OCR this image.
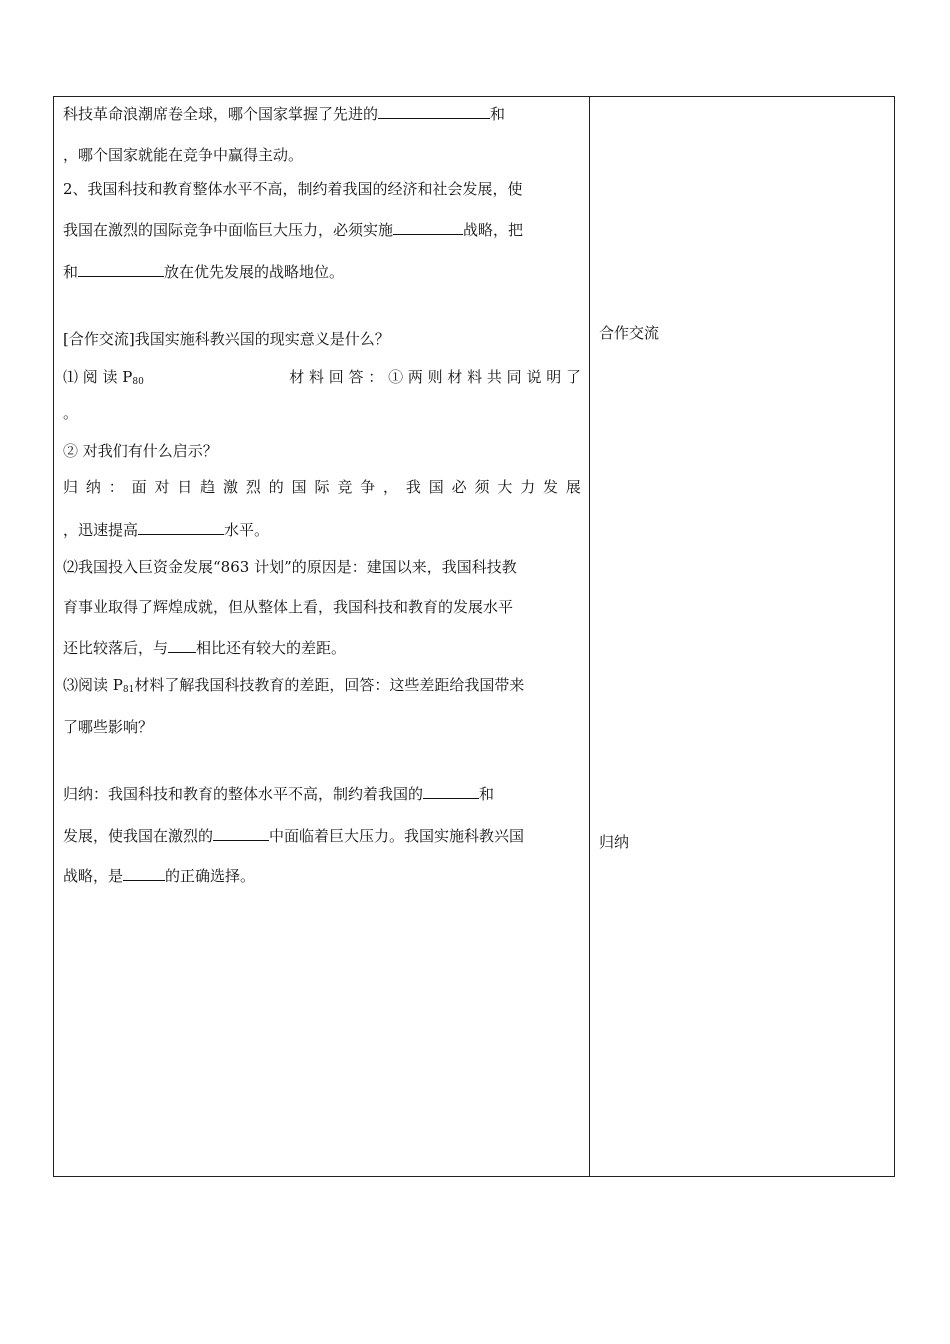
科技革命浪潮席卷全球，哪个国家掌握了先进的	和
，哪个国家就能在竞争中赢得主动。
2、我国科技和教育整体水平不高，制约着我国的经济和社会发展，使
我国在激烈的国际竞争中面临巨大压力，必须实施	战略，把
和	放在优先发展的战略地位。
[合作交流]我国实施科教兴国的现实意义是什么？
⑴ 阅 读 $P_{80}$	材 料 回 答 ： ① 两 则 材 料 共 同 说 明 了
。
② 对我们有什么启示？
归 纳 ： 面 对 日 趋 激 烈 的 国 际 竞 争 ， 我 国 必 须 大 力 发 展
，迅速提高	水平。
⑵我国投入巨资金发展“863 计划”的原因是：建国以来，我国科技教
育事业取得了辉煌成就，但从整体上看，我国科技和教育的发展水平
还比较落后，与 相比还有较大的差距。
⑶阅读 $P_{81}$材料了解我国科技教育的差距，回答：这些差距给我国带来
了哪些影响？
归纳：我国科技和教育的整体水平不高，制约着我国的	和
发展，使我国在激烈的	中面临着巨大压力。我国实施科教兴国
战略，是	的正确选择。
合作交流
归纳
